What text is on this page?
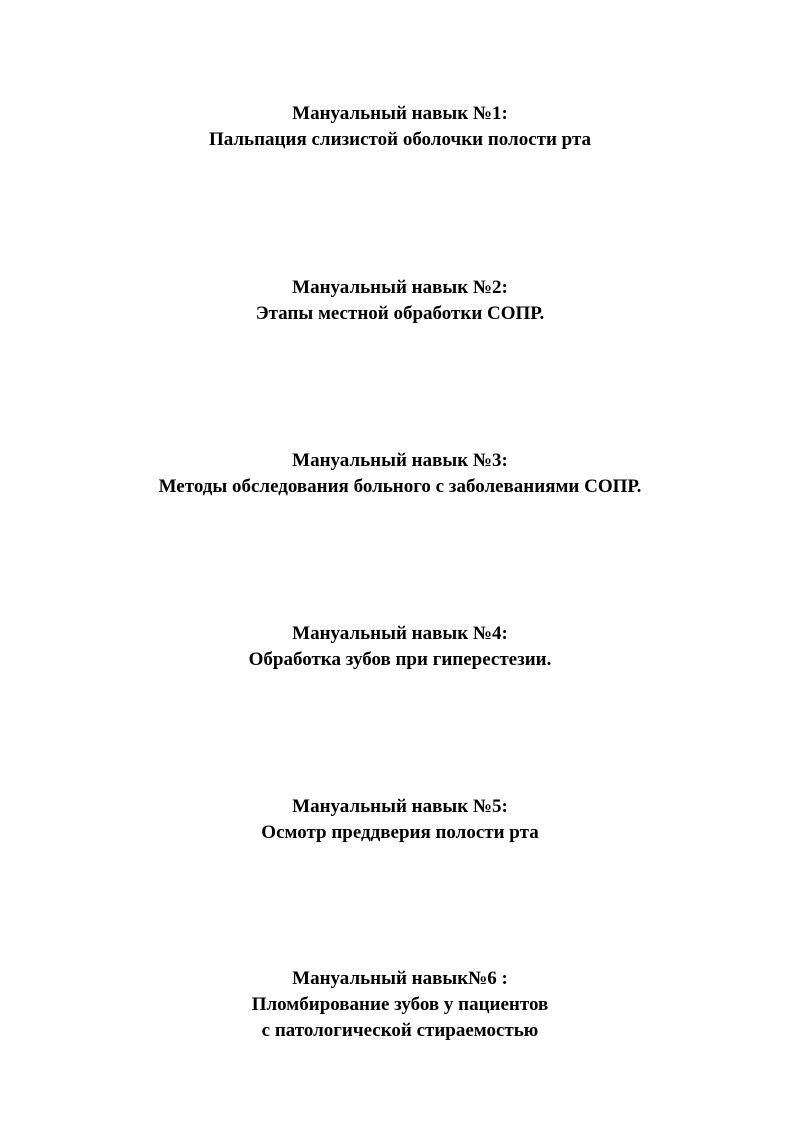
Мануальный навык №1:
Пальпация слизистой оболочки полости рта
Мануальный навык №2:
Этапы местной обработки СОПР.
Мануальный навык №3:
Методы обследования больного с заболеваниями СОПР.
Мануальный навык №4:
Обработка зубов при гиперестезии.
Мануальный навык №5:
Осмотр преддверия полости рта
Мануальный навык№6 :
Пломбирование зубов у пациентов
с патологической стираемостью
